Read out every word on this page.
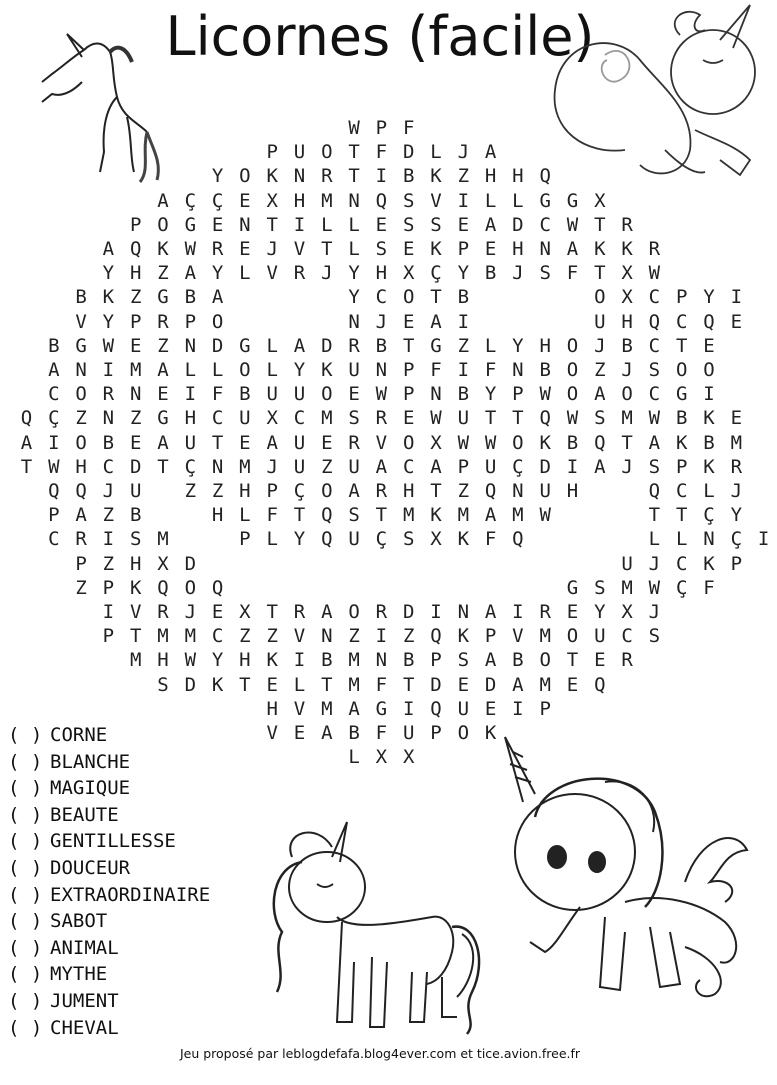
Licornes (facile)
W P F
P U O T F D L J A
Y O K N R T I B K Z H H Q
A Ç Ç E X H M N Q S V I L L G G X
P O G E N T I L L E S S E A D C W T R
A Q K W R E J V T L S E K P E H N A K K R
Y H Z A Y L V R J Y H X Ç Y B J S F T X W
B K Z G B A	Y C O T B	O X C P Y I
V Y P R P O	N J E A I	U H Q C Q E
B G W E Z N D G L A D R B T G Z L Y H O J B C T E
A N I M A L L O L Y K U N P F I F N B O Z J S O O
C O R N E I F B U U O E W P N B Y P W O A O C G I
Q Ç Z N Z G H C U X C M S R E W U T T Q W S M W B K E
A I O B E A U T E A U E R V O X W W O K B Q T A K B M
T W H C D T Ç N M J U Z U A C A P U Ç D I A J S P K R
Q Q J U	Z Z H P Ç O A R H T Z Q N U H	Q C L J
P A Z B	H L F T Q S T M K M A M W	T T Ç Y
C R I S M	P L Y Q U Ç S X K F Q	L L N Ç I
P Z H X D	U J C K P
Z P K Q O Q	G S M W Ç F
I V R J E X T R A O R D I N A I R E Y X J
P T M M C Z Z V N Z I Z Q K P V M O U C S
M H W Y H K I B M N B P S A B O T E R
S D K T E L T M F T D E D A M E Q
H V M A G I Q U E I P
V E A B F U P O K
L X X
( ) CORNE
( ) BLANCHE
( ) MAGIQUE
( ) BEAUTE
( ) GENTILLESSE
( ) DOUCEUR
( ) EXTRAORDINAIRE
( ) SABOT
( ) ANIMAL
( ) MYTHE
( ) JUMENT
( ) CHEVAL
Jeu proposé par leblogdefafa.blog4ever.com et tice.avion.free.fr
